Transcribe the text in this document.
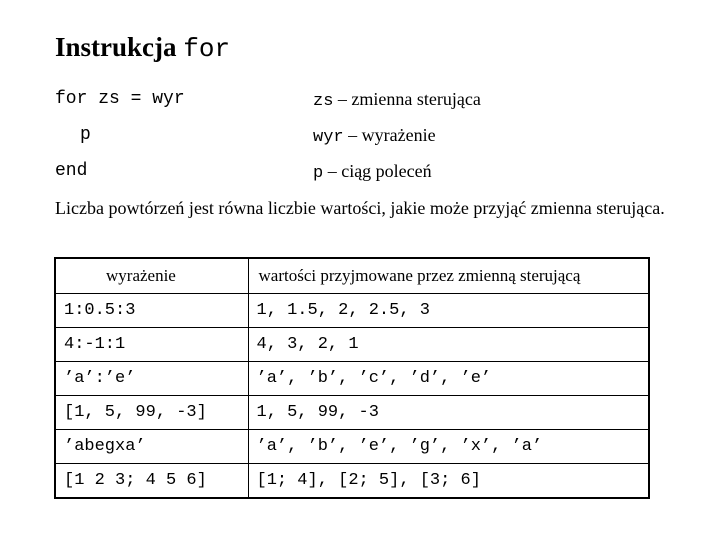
Instrukcja for
for zs = wyr
p
end
zs – zmienna sterująca
wyr – wyrażenie
p – ciąg poleceń
Liczba powtórzeń jest równa liczbie wartości, jakie może przyjąć zmienna sterująca.
wyrażenie	wartości przyjmowane przez zmienną sterującą
1:0.5:3	1, 1.5, 2, 2.5, 3
4:-1:1	4, 3, 2, 1
’a’:’e’	’a’, ’b’, ’c’, ’d’, ’e’
[1, 5, 99, -3]	1, 5, 99, -3
’abegxa’	’a’, ’b’, ’e’, ’g’, ’x’, ’a’
[1 2 3; 4 5 6]	[1; 4], [2; 5], [3; 6]
